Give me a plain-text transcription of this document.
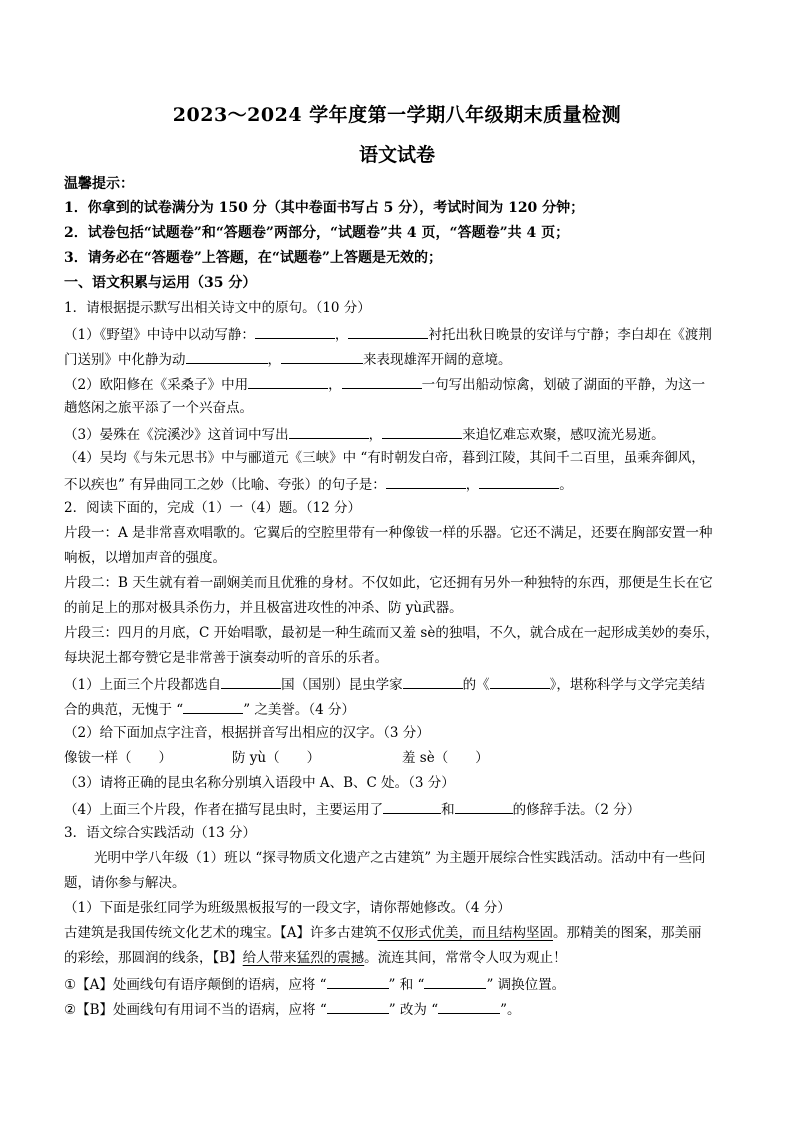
2023～2024 学年度第一学期八年级期末质量检测
语文试卷
温馨提示：
1．你拿到的试卷满分为 150 分（其中卷面书写占 5 分），考试时间为 120 分钟；
2．试卷包括“试题卷”和“答题卷”两部分，“试题卷”共 4 页，“答题卷”共 4 页；
3．请务必在“答题卷”上答题，在“试题卷”上答题是无效的；
一、语文积累与运用（35 分）
1．请根据提示默写出相关诗文中的原句。（10 分）
（1）《野望》中诗中以动写静：	，	衬托出秋日晚景的安详与宁静；李白却在《渡荆
门送别》中化静为动	，	来表现雄浑开阔的意境。
（2）欧阳修在《采桑子》中用	，	一句写出船动惊禽，划破了湖面的平静，为这一
趟悠闲之旅平添了一个兴奋点。
（3）晏殊在《浣溪沙》这首词中写出	，	来追忆难忘欢聚，感叹流光易逝。
（4）吴均《与朱元思书》中与郦道元《三峡》中 “有时朝发白帝，暮到江陵，其间千二百里，虽乘奔御风，
不以疾也” 有异曲同工之妙（比喻、夸张）的句子是：	，	。
2．阅读下面的，完成（1）一（4）题。（12 分）
片段一：A 是非常喜欢唱歌的。它翼后的空腔里带有一种像钹一样的乐器。它还不满足，还要在胸部安置一种
响板，以增加声音的强度。
片段二：B 天生就有着一副娴美而且优雅的身材。不仅如此，它还拥有另外一种独特的东西，那便是生长在它
的前足上的那对极具杀伤力，并且极富进攻性的冲杀、防 yù武器。
片段三：四月的月底，C 开始唱歌，最初是一种生疏而又羞 sè的独唱，不久，就合成在一起形成美妙的奏乐，
每块泥土都夸赞它是非常善于演奏动听的音乐的乐者。
（1）上面三个片段都选自	国（国别）昆虫学家	的《	》，堪称科学与文学完美结
合的典范，无愧于 “	” 之美誉。（4 分）
（2）给下面加点字注音，根据拼音写出相应的汉字。（3 分）
像钹一样（　　）	防 yù（　　）	羞 sè（　　）
（3）请将正确的昆虫名称分别填入语段中 A、B、C 处。（3 分）
（4）上面三个片段，作者在描写昆虫时，主要运用了	和	的修辞手法。（2 分）
3．语文综合实践活动（13 分）
光明中学八年级（1）班以 “探寻物质文化遗产之古建筑” 为主题开展综合性实践活动。活动中有一些问
题，请你参与解决。
（1）下面是张红同学为班级黑板报写的一段文字，请你帮她修改。（4 分）
古建筑是我国传统文化艺术的瑰宝。【A】许多古建筑不仅形式优美，而且结构坚固。那精美的图案，那美丽
的彩绘，那圆润的线条，【B】给人带来猛烈的震撼。流连其间，常常令人叹为观止！
①【A】处画线句有语序颠倒的语病，应将 “	” 和 “	” 调换位置。
②【B】处画线句有用词不当的语病，应将 “	” 改为 “	”。
